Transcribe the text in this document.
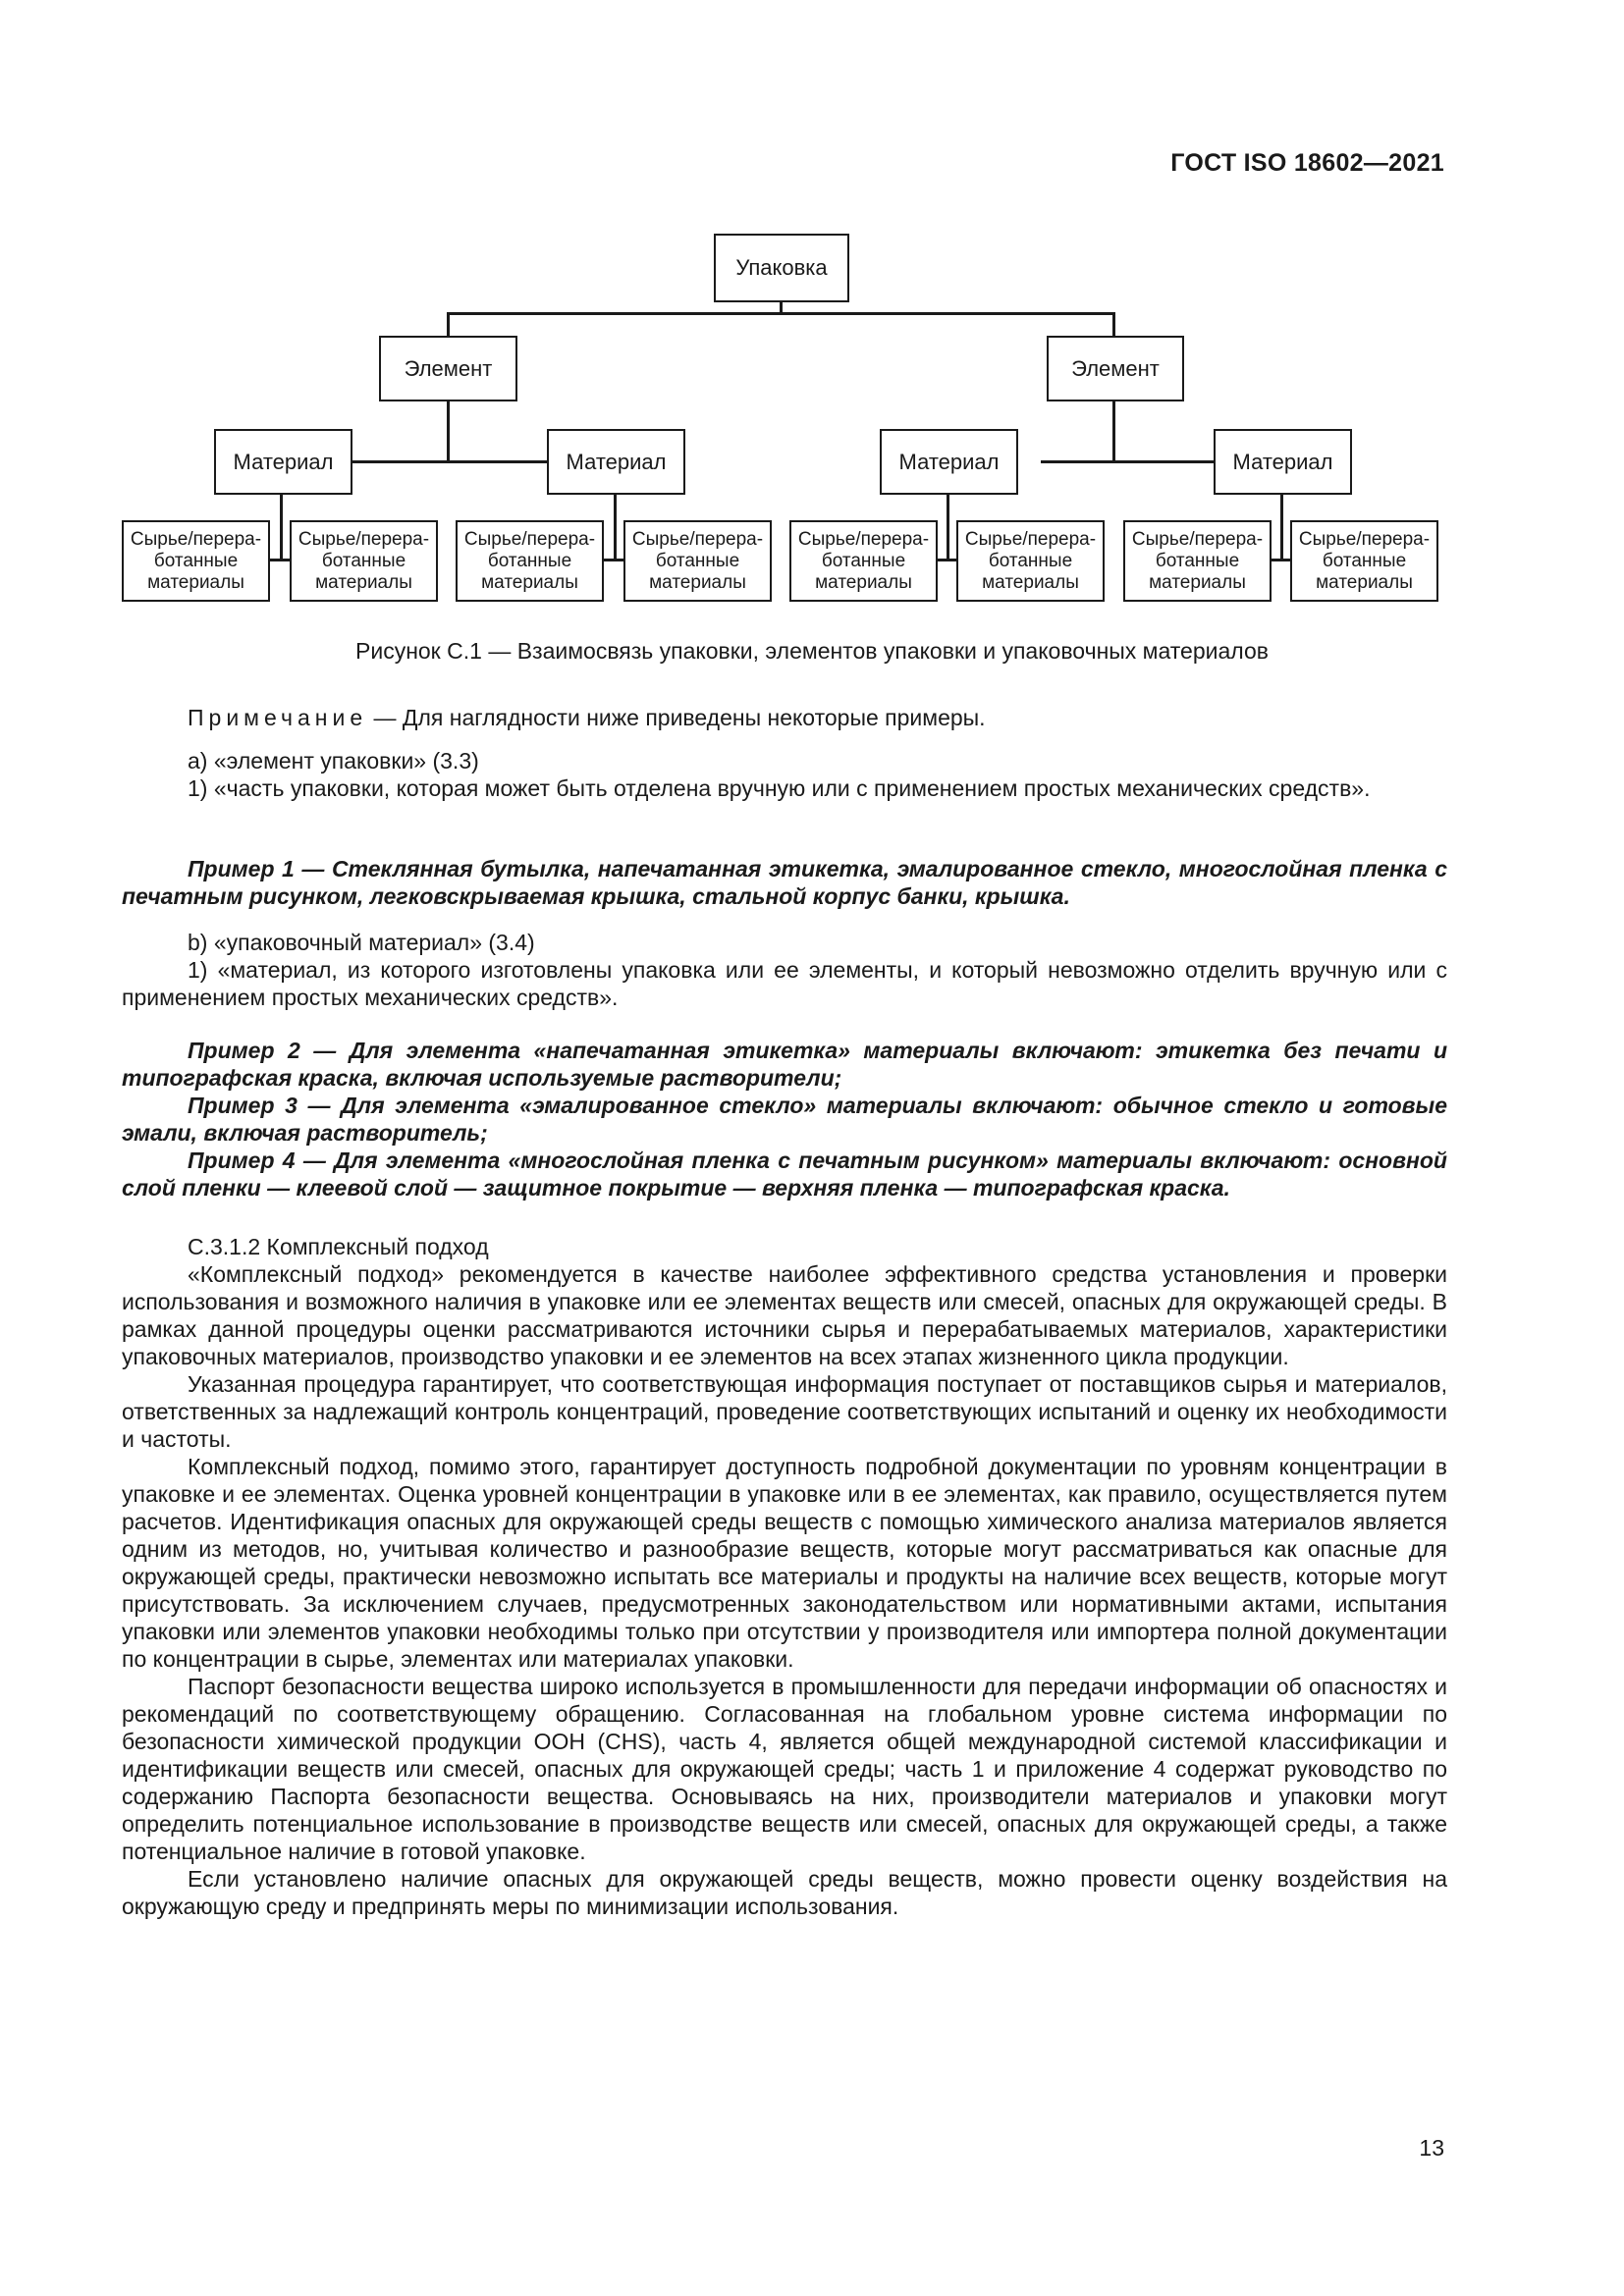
ГОСТ ISO 18602—2021
Упаковка
Элемент	Элемент
Материал	Материал	Материал	Материал
Сырье/перера-
ботанные
материалы
Сырье/перера-
ботанные
материалы
Сырье/перера-
ботанные
материалы
Сырье/перера-
ботанные
материалы
Сырье/перера-
ботанные
материалы
Сырье/перера-
ботанные
материалы
Сырье/перера-
ботанные
материалы
Сырье/перера-
ботанные
материалы
Рисунок С.1 — Взаимосвязь упаковки, элементов упаковки и упаковочных материалов

Примечание — Для наглядности ниже приведены некоторые примеры.

а) «элемент упаковки» (3.3)

1) «часть упаковки, которая может быть отделена вручную или с применением простых механических средств».

Пример 1 — Стеклянная бутылка, напечатанная этикетка, эмалированное стекло, многослойная пленка с печатным рисунком, легковскрываемая крышка, стальной корпус банки, крышка.

b) «упаковочный материал» (3.4)

1) «материал, из которого изготовлены упаковка или ее элементы, и который невозможно отделить вручную или с применением простых механических средств».

Пример 2 — Для элемента «напечатанная этикетка» материалы включают: этикетка без печати и типографская краска, включая используемые растворители;

Пример 3 — Для элемента «эмалированное стекло» материалы включают: обычное стекло и готовые эмали, включая растворитель;

Пример 4 — Для элемента «многослойная пленка с печатным рисунком» материалы включают: основной слой пленки — клеевой слой — защитное покрытие — верхняя пленка — типографская краска.

С.3.1.2 Комплексный подход

«Комплексный подход» рекомендуется в качестве наиболее эффективного средства установления и проверки использования и возможного наличия в упаковке или ее элементах веществ или смесей, опасных для окружающей среды. В рамках данной процедуры оценки рассматриваются источники сырья и перерабатываемых материалов, характеристики упаковочных материалов, производство упаковки и ее элементов на всех этапах жизненного цикла продукции.

Указанная процедура гарантирует, что соответствующая информация поступает от поставщиков сырья и материалов, ответственных за надлежащий контроль концентраций, проведение соответствующих испытаний и оценку их необходимости и частоты.

Комплексный подход, помимо этого, гарантирует доступность подробной документации по уровням концентрации в упаковке и ее элементах. Оценка уровней концентрации в упаковке или в ее элементах, как правило, осуществляется путем расчетов. Идентификация опасных для окружающей среды веществ с помощью химического анализа материалов является одним из методов, но, учитывая количество и разнообразие веществ, которые могут рассматриваться как опасные для окружающей среды, практически невозможно испытать все материалы и продукты на наличие всех веществ, которые могут присутствовать. За исключением случаев, предусмотренных законодательством или нормативными актами, испытания упаковки или элементов упаковки необходимы только при отсутствии у производителя или импортера полной документации по концентрации в сырье, элементах или материалах упаковки.

Паспорт безопасности вещества широко используется в промышленности для передачи информации об опасностях и рекомендаций по соответствующему обращению. Согласованная на глобальном уровне система информации по безопасности химической продукции ООН (CHS), часть 4, является общей международной системой классификации и идентификации веществ или смесей, опасных для окружающей среды; часть 1 и приложение 4 содержат руководство по содержанию Паспорта безопасности вещества. Основываясь на них, производители материалов и упаковки могут определить потенциальное использование в производстве веществ или смесей, опасных для окружающей среды, а также потенциальное наличие в готовой упаковке.

Если установлено наличие опасных для окружающей среды веществ, можно провести оценку воздействия на окружающую среду и предпринять меры по минимизации использования.

13
